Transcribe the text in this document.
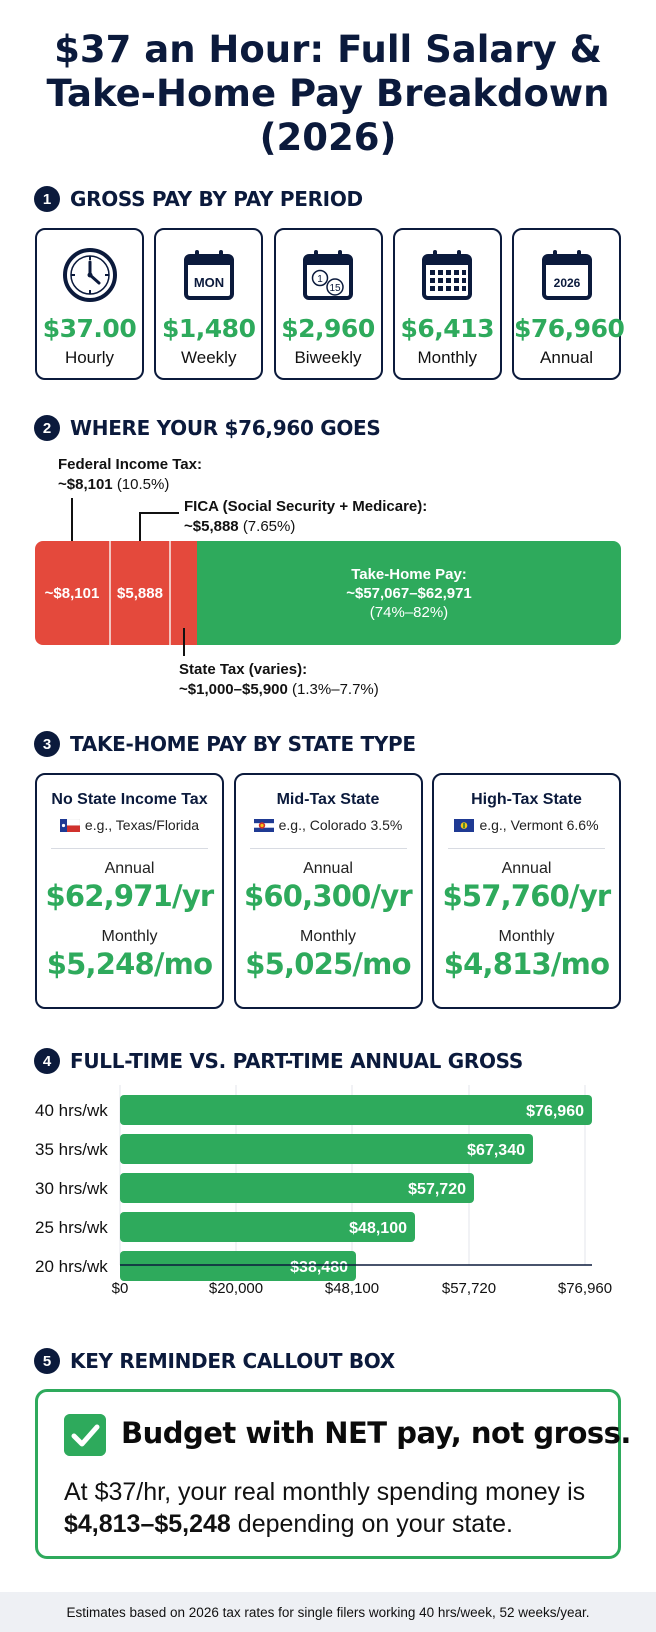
$37 an Hour: Full Salary & Take-Home Pay Breakdown (2026)
1 GROSS PAY BY PAY PERIOD
$37.00
Hourly
MON
$1,480
Weekly
1
15
$2,960
Biweekly
$6,413
Monthly
2026
$76,960
Annual
2 WHERE YOUR $76,960 GOES
Federal Income Tax:
~$8,101 (10.5%)
FICA (Social Security + Medicare):
~$5,888 (7.65%)
~$8,101	$5,888
Take-Home Pay:
~$57,067–$62,971
(74%–82%)
State Tax (varies):
~$1,000–$5,900 (1.3%–7.7%)
3 TAKE-HOME PAY BY STATE TYPE
No State Income Tax
e.g., Texas/Florida
Annual
$62,971/yr
Monthly
$5,248/mo
Mid-Tax State
e.g., Colorado 3.5%
Annual
$60,300/yr
Monthly
$5,025/mo
High-Tax State
e.g., Vermont 6.6%
Annual
$57,760/yr
Monthly
$4,813/mo
4 FULL-TIME VS. PART-TIME ANNUAL GROSS
$76,960
40 hrs/wk
$67,340
35 hrs/wk
$57,720
30 hrs/wk
$48,100
25 hrs/wk
$38,480
20 hrs/wk
$0	$20,000	$48,100	$57,720	$76,960
5 KEY REMINDER CALLOUT BOX
Budget with NET pay, not gross.
At $37/hr, your real monthly spending money is $4,813–$5,248 depending on your state.
Estimates based on 2026 tax rates for single filers working 40 hrs/week, 52 weeks/year.
